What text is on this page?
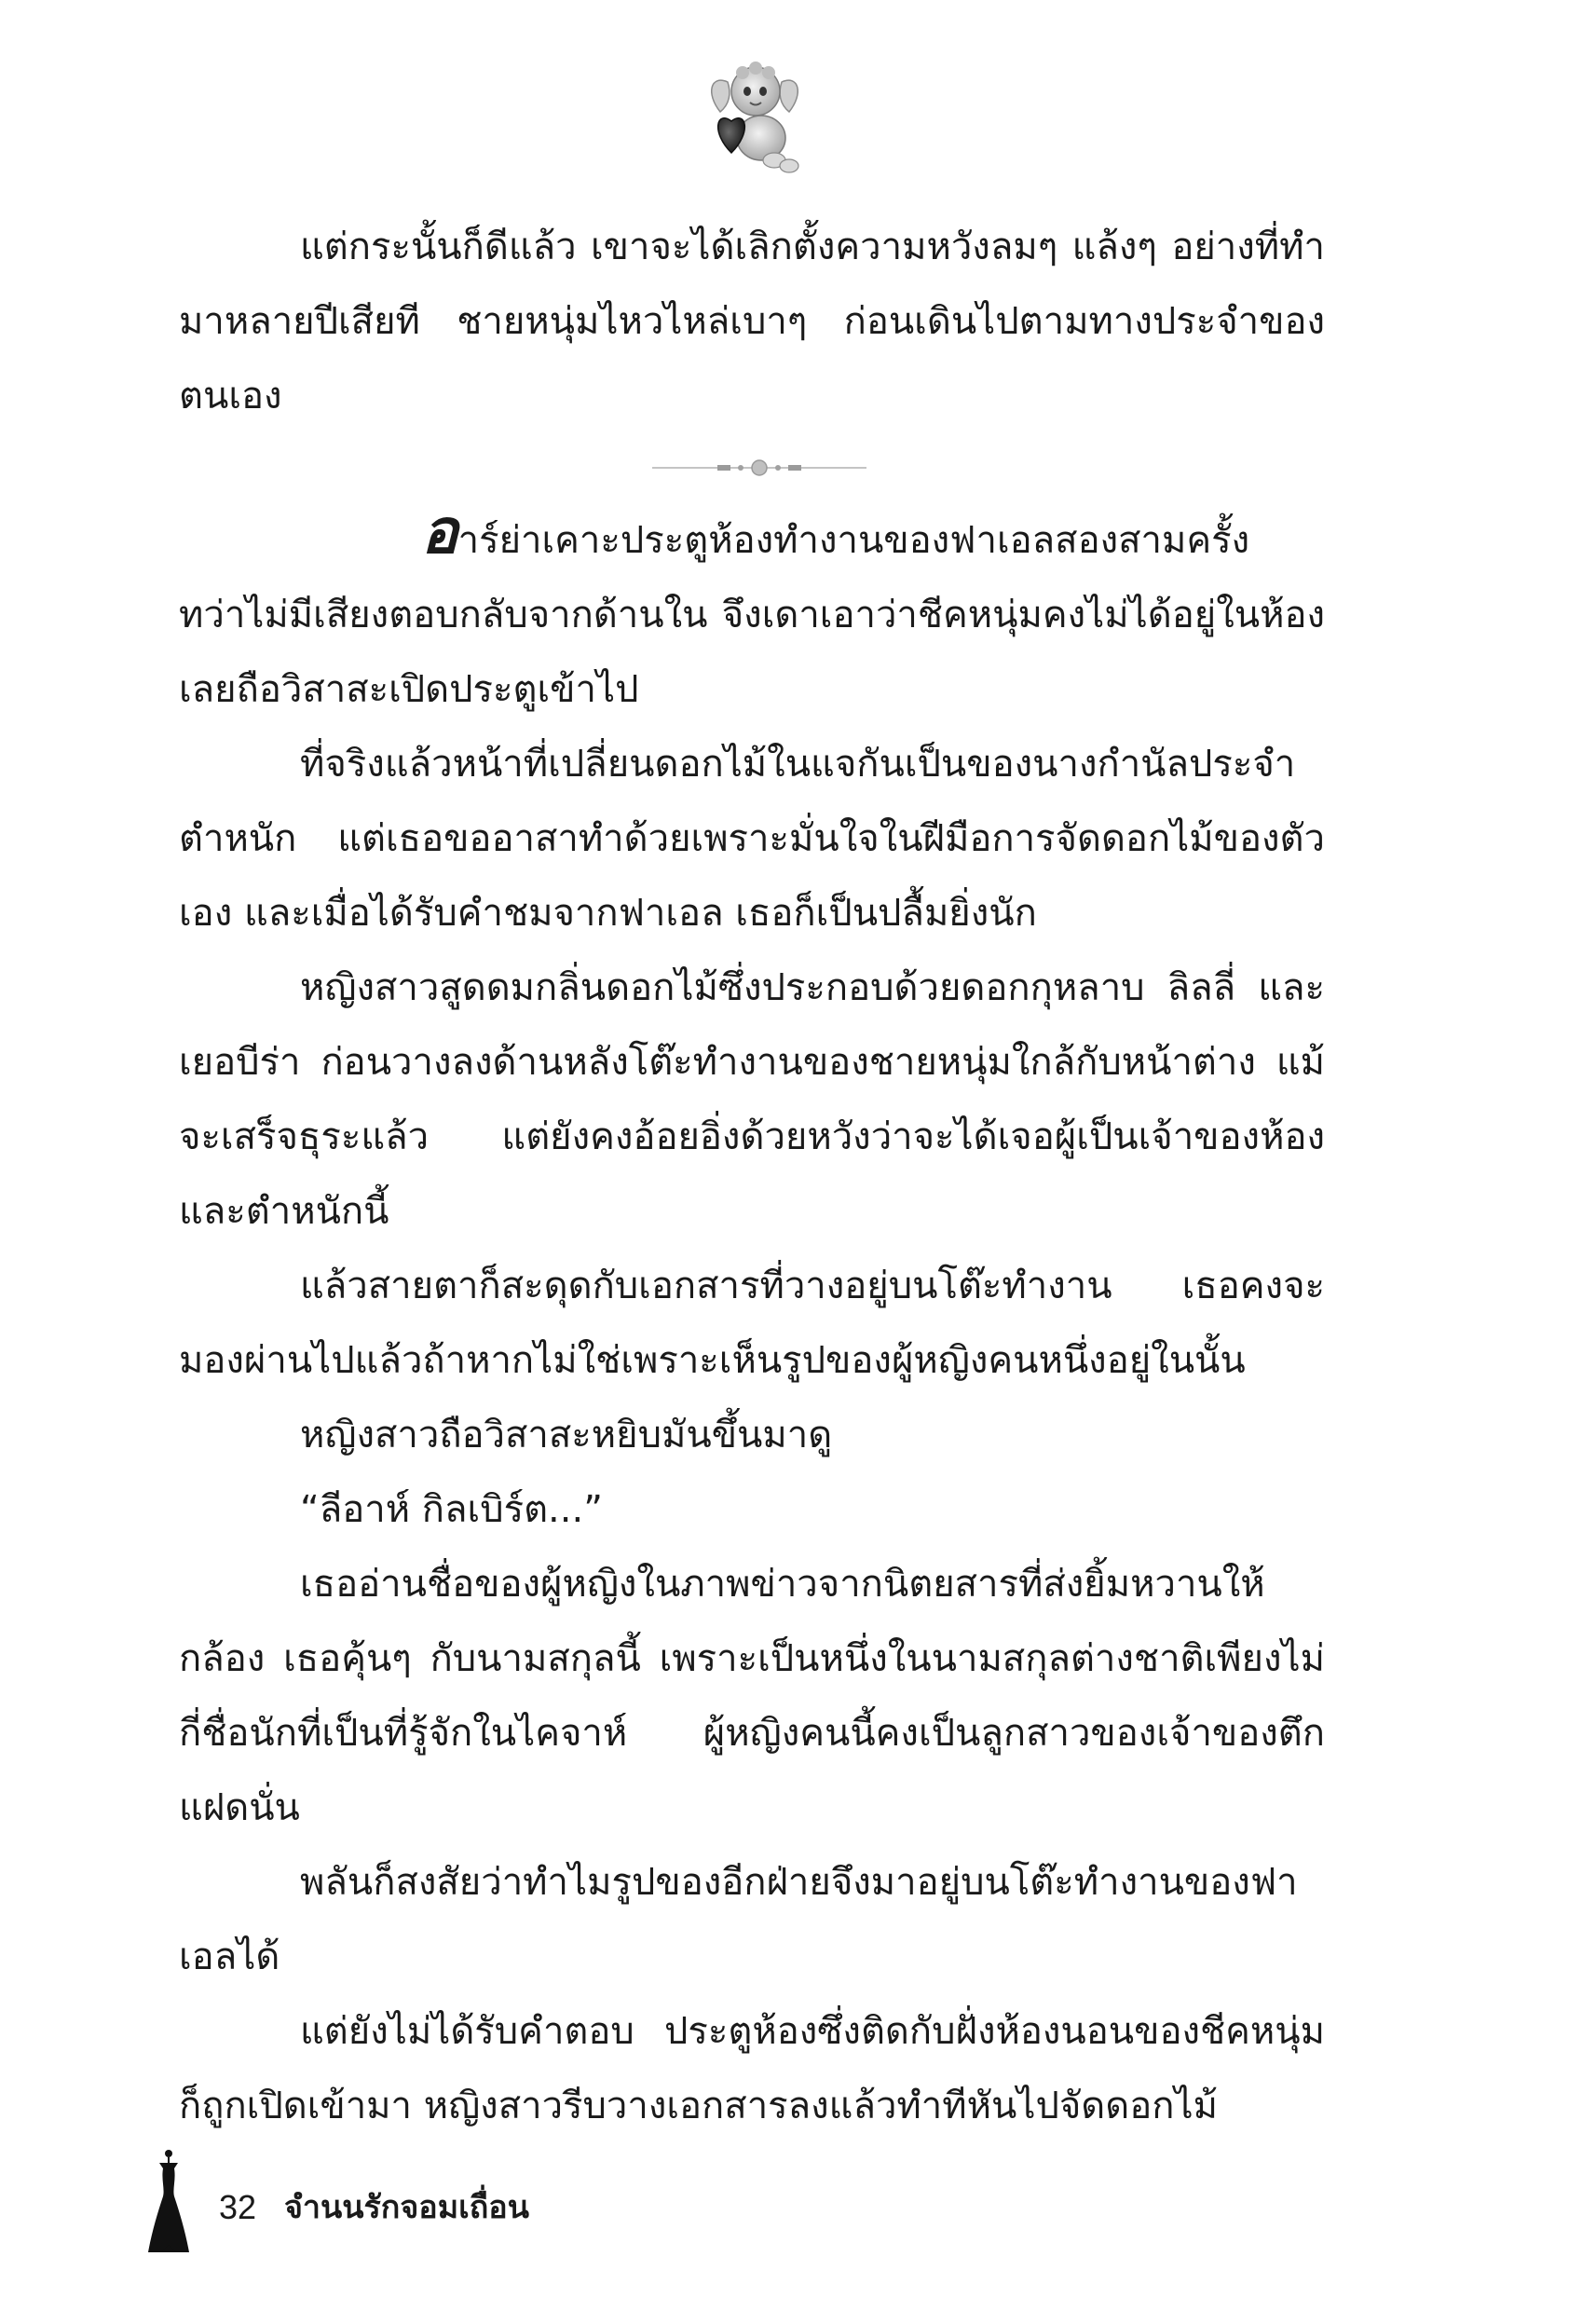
แต่กระนั้นก็ดีแล้ว เขาจะได้เลิกตั้งความหวังลมๆ แล้งๆ อย่างที่ทำมาหลายปีเสียที ชายหนุ่มไหวไหล่เบาๆ ก่อนเดินไปตามทางประจำของตนเอง

อาร์ย่าเคาะประตูห้องทำงานของฟาเอลสองสามครั้ง ทว่าไม่มีเสียงตอบกลับจากด้านใน จึงเดาเอาว่าชีคหนุ่มคงไม่ได้อยู่ในห้องเลยถือวิสาสะเปิดประตูเข้าไป

ที่จริงแล้วหน้าที่เปลี่ยนดอกไม้ในแจกันเป็นของนางกำนัลประจำตำหนัก แต่เธอขออาสาทำด้วยเพราะมั่นใจในฝีมือการจัดดอกไม้ของตัวเอง และเมื่อได้รับคำชมจากฟาเอล เธอก็เป็นปลื้มยิ่งนัก

หญิงสาวสูดดมกลิ่นดอกไม้ซึ่งประกอบด้วยดอกกุหลาบ ลิลลี่ และเยอบีร่า ก่อนวางลงด้านหลังโต๊ะทำงานของชายหนุ่มใกล้กับหน้าต่าง แม้จะเสร็จธุระแล้ว แต่ยังคงอ้อยอิ่งด้วยหวังว่าจะได้เจอผู้เป็นเจ้าของห้องและตำหนักนี้

แล้วสายตาก็สะดุดกับเอกสารที่วางอยู่บนโต๊ะทำงาน เธอคงจะมองผ่านไปแล้วถ้าหากไม่ใช่เพราะเห็นรูปของผู้หญิงคนหนึ่งอยู่ในนั้น

หญิงสาวถือวิสาสะหยิบมันขึ้นมาดู

“ลีอาห์ กิลเบิร์ต...”

เธออ่านชื่อของผู้หญิงในภาพข่าวจากนิตยสารที่ส่งยิ้มหวานให้กล้อง เธอคุ้นๆ กับนามสกุลนี้ เพราะเป็นหนึ่งในนามสกุลต่างชาติเพียงไม่กี่ชื่อนักที่เป็นที่รู้จักในไคจาห์ ผู้หญิงคนนี้คงเป็นลูกสาวของเจ้าของตึกแฝดนั่น

พลันก็สงสัยว่าทำไมรูปของอีกฝ่ายจึงมาอยู่บนโต๊ะทำงานของฟาเอลได้

แต่ยังไม่ได้รับคำตอบ ประตูห้องซึ่งติดกับฝั่งห้องนอนของชีคหนุ่มก็ถูกเปิดเข้ามา หญิงสาวรีบวางเอกสารลงแล้วทำทีหันไปจัดดอกไม้

32 จำนนรักจอมเถื่อน
